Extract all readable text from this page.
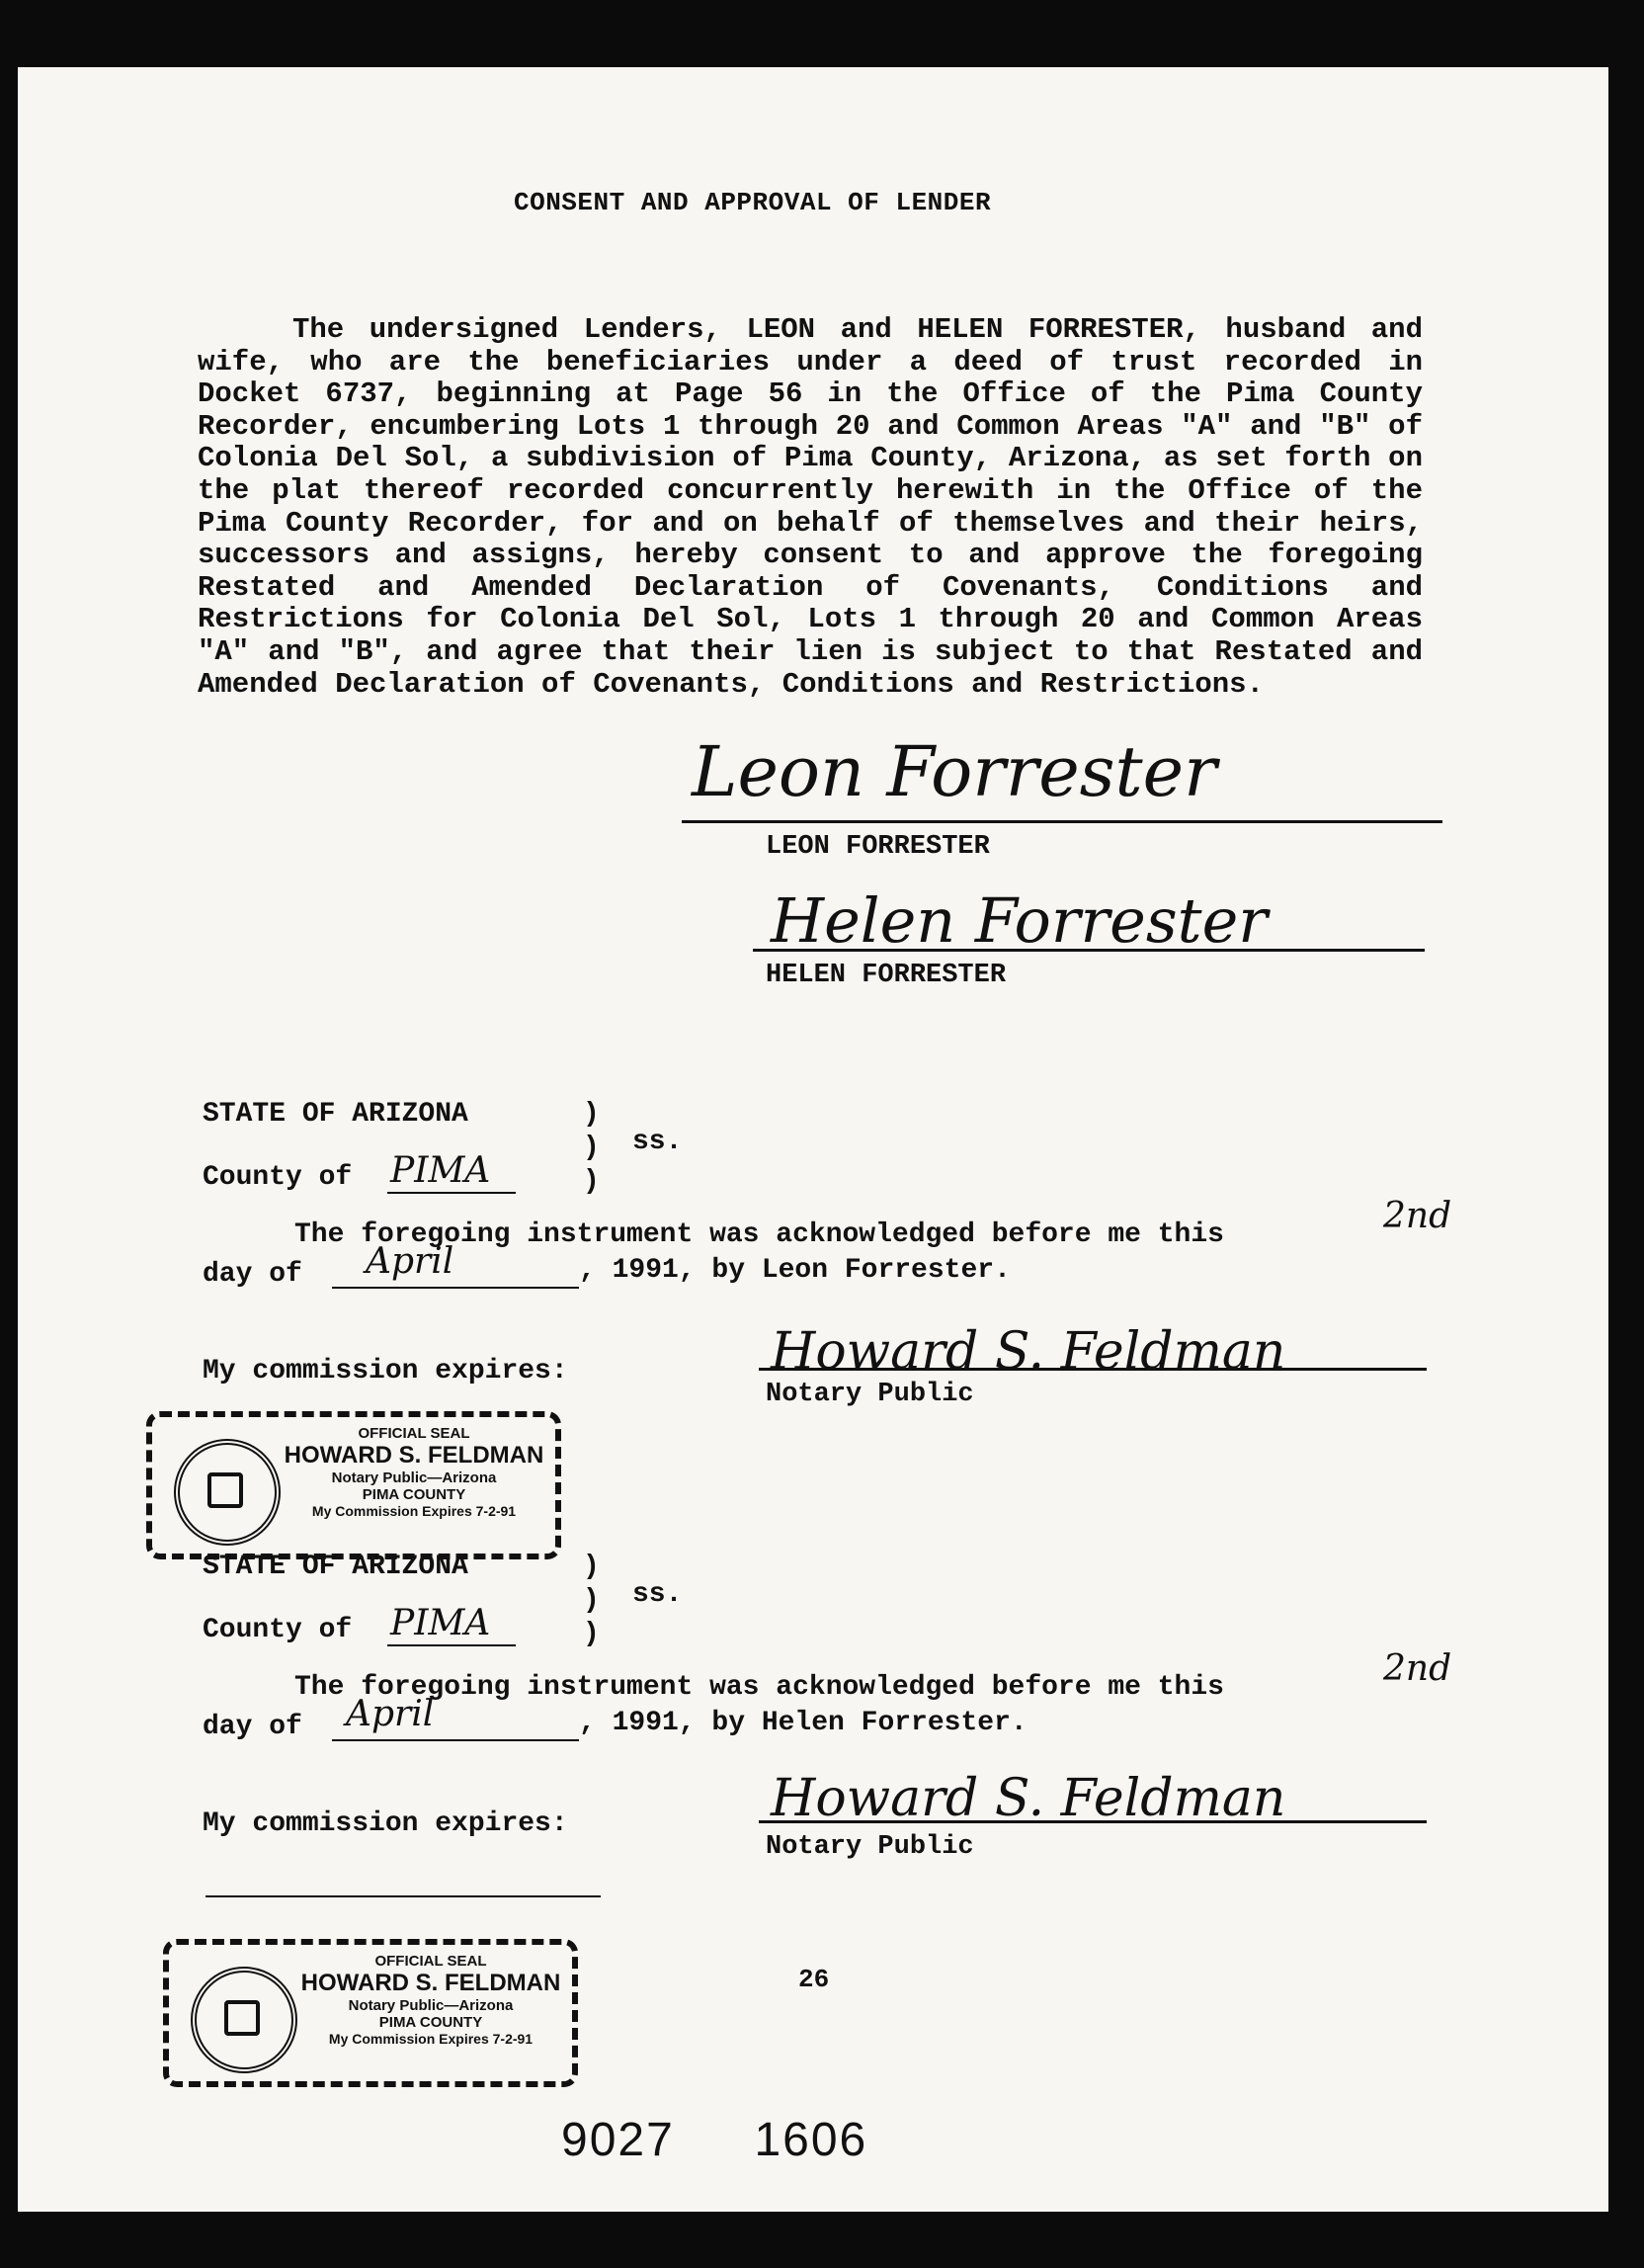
CONSENT AND APPROVAL OF LENDER
The undersigned Lenders, LEON and HELEN FORRESTER, husband and wife, who are the beneficiaries under a deed of trust recorded in Docket 6737, beginning at Page 56 in the Office of the Pima County Recorder, encumbering Lots 1 through 20 and Common Areas "A" and "B" of Colonia Del Sol, a subdivision of Pima County, Arizona, as set forth on the plat thereof recorded concurrently herewith in the Office of the Pima County Recorder, for and on behalf of themselves and their heirs, successors and assigns, hereby consent to and approve the foregoing Restated and Amended Declaration of Covenants, Conditions and Restrictions for Colonia Del Sol, Lots 1 through 20 and Common Areas "A" and "B", and agree that their lien is subject to that Restated and Amended Declaration of Covenants, Conditions and Restrictions.
Leon Forrester
LEON FORRESTER
Helen Forrester
HELEN FORRESTER
STATE OF ARIZONA	)
)
)
ss.
County of PIMA
The foregoing instrument was acknowledged before me this	2nd
day of April	, 1991, by Leon Forrester.
My commission expires:	Howard S. Feldman
Notary Public
OFFICIAL SEAL
HOWARD S. FELDMAN
Notary Public—Arizona
PIMA COUNTY
My Commission Expires 7-2-91
STATE OF ARIZONA	)
)
)
ss.
County of PIMA
The foregoing instrument was acknowledged before me this	2nd
day of April	, 1991, by Helen Forrester.
My commission expires:	Howard S. Feldman
Notary Public
OFFICIAL SEAL
HOWARD S. FELDMAN
Notary Public—Arizona
PIMA COUNTY
My Commission Expires 7-2-91
26
9027 1606
